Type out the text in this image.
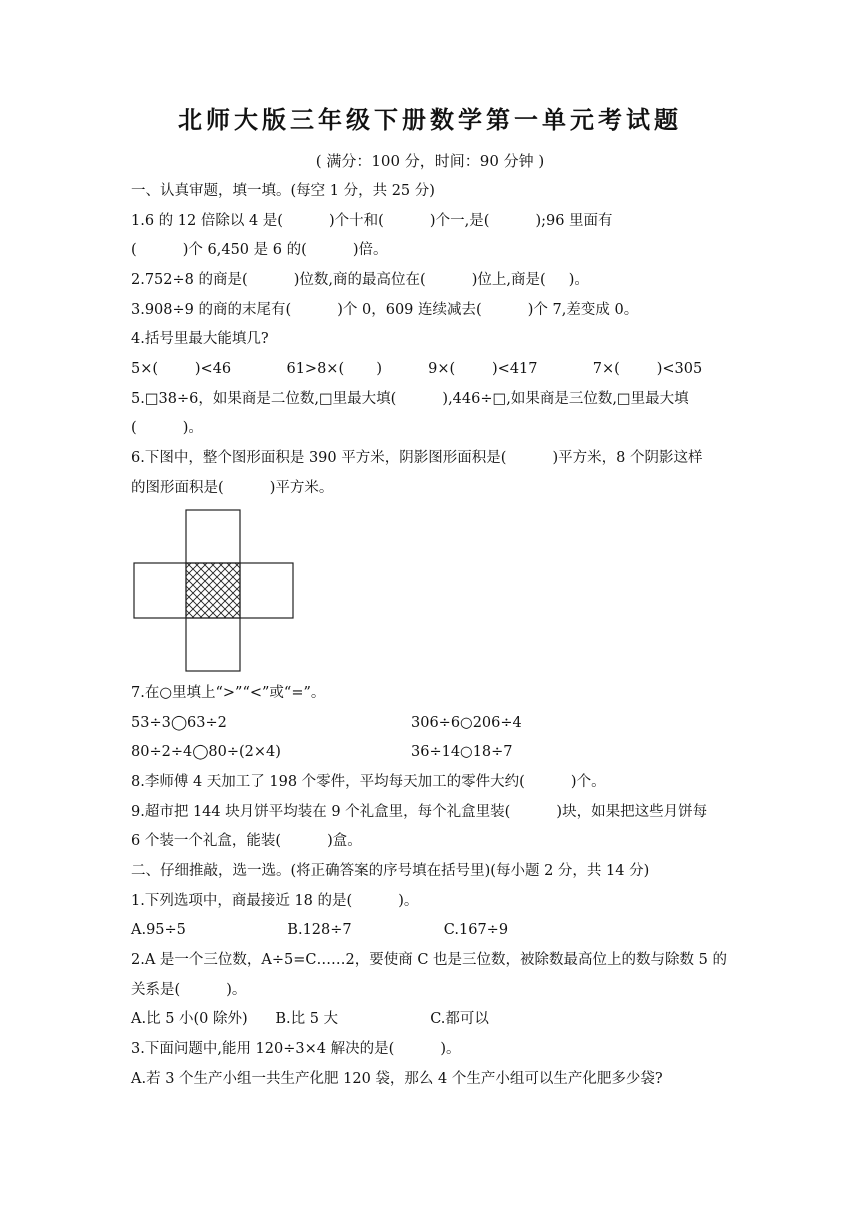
北师大版三年级下册数学第一单元考试题

( 满分：100 分，时间：90 分钟 )

一、认真审题，填一填。(每空 1 分，共 25 分)

1.6 的 12 倍除以 4 是(          )个十和(          )个一,是(          );96 里面有

(          )个 6,450 是 6 的(          )倍。

2.752÷8 的商是(          )位数,商的最高位在(          )位上,商是(     )。

3.908÷9 的商的末尾有(          )个 0，609 连续减去(          )个 7,差变成 0。

4.括号里最大能填几?

5×(        )<46            61>8×(       )          9×(        )<417            7×(        )<305

5.□38÷6，如果商是二位数,□里最大填(          ),446÷□,如果商是三位数,□里最大填

(          )。

6.下图中，整个图形面积是 390 平方米，阴影图形面积是(          )平方米，8 个阴影这样

的图形面积是(          )平方米。

7.在○里填上“>”“<”或“=”。

53÷3◯63÷2	306÷6○206÷4

80÷2÷4◯80÷(2×4)	36÷14○18÷7

8.李师傅 4 天加工了 198 个零件，平均每天加工的零件大约(          )个。

9.超市把 144 块月饼平均装在 9 个礼盒里，每个礼盒里装(          )块，如果把这些月饼每

6 个装一个礼盒，能装(          )盒。

二、仔细推敲，选一选。(将正确答案的序号填在括号里)(每小题 2 分，共 14 分)

1.下列选项中，商最接近 18 的是(          )。

A.95÷5                      B.128÷7                    C.167÷9

2.A 是一个三位数，A÷5=C……2，要使商 C 也是三位数，被除数最高位上的数与除数 5 的

关系是(          )。

A.比 5 小(0 除外)      B.比 5 大                    C.都可以

3.下面问题中,能用 120÷3×4 解决的是(          )。

A.若 3 个生产小组一共生产化肥 120 袋，那么 4 个生产小组可以生产化肥多少袋?
